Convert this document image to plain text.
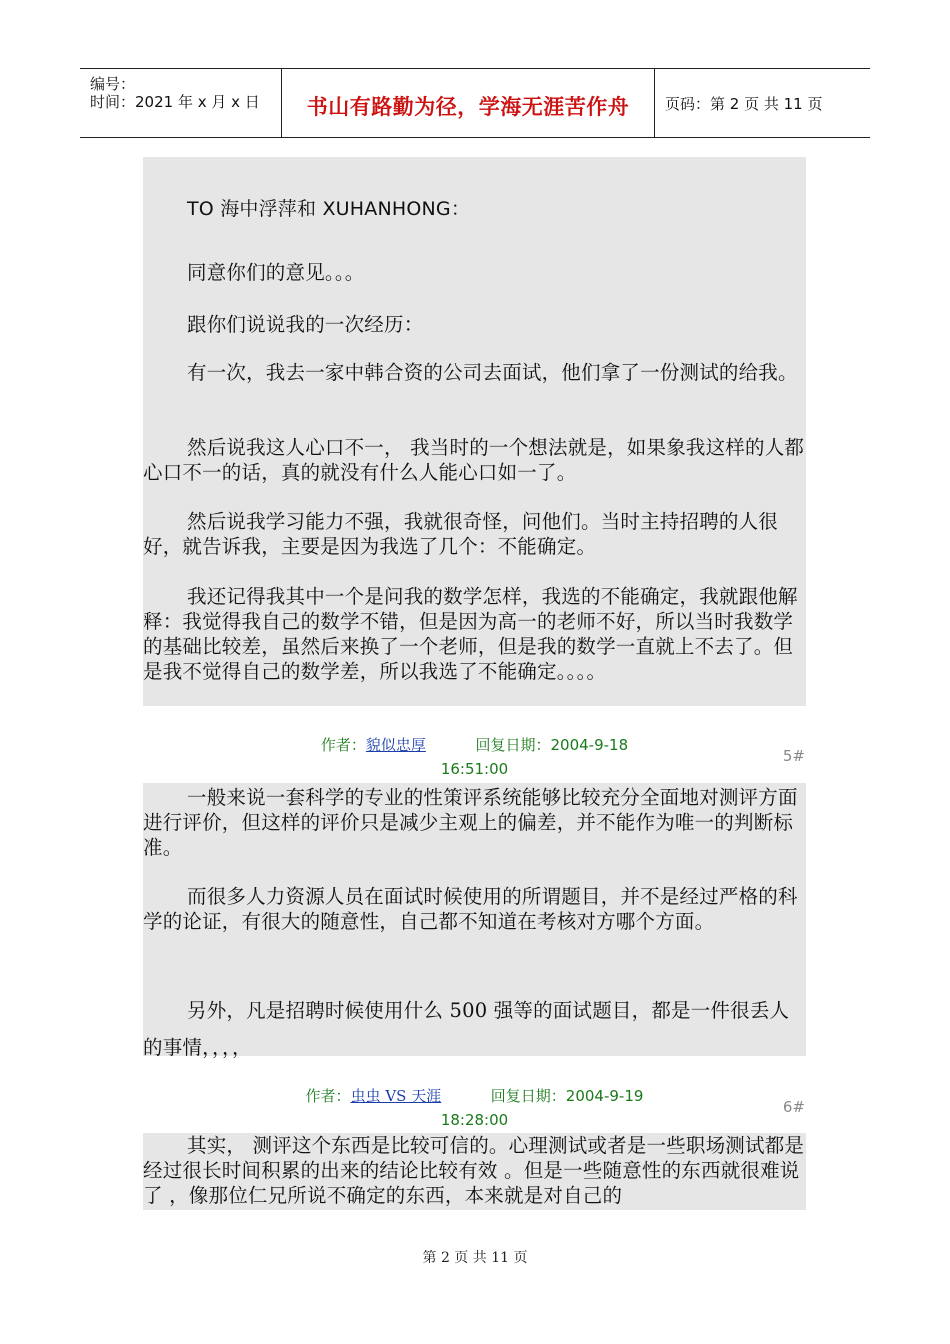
编号：
时间：2021 年 x 月 x 日	书山有路勤为径，学海无涯苦作舟	页码：第 2 页 共 11 页
TO 海中浮萍和 XUHANHONG：
同意你们的意见。。。
跟你们说说我的一次经历：
有一次，我去一家中韩合资的公司去面试，他们拿了一份测试的给我。
然后说我这人心口不一， 我当时的一个想法就是，如果象我这样的人都心口不一的话，真的就没有什么人能心口如一了。
然后说我学习能力不强，我就很奇怪，问他们。当时主持招聘的人很好，就告诉我，主要是因为我选了几个：不能确定。
我还记得我其中一个是问我的数学怎样，我选的不能确定，我就跟他解释：我觉得我自己的数学不错，但是因为高一的老师不好，所以当时我数学的基础比较差，虽然后来换了一个老师，但是我的数学一直就上不去了。但是我不觉得自己的数学差，所以我选了不能确定。。。。
作者：貌似忠厚	回复日期：2004-9-18
16:51:00
5#
一般来说一套科学的专业的性策评系统能够比较充分全面地对测评方面进行评价，但这样的评价只是减少主观上的偏差，并不能作为唯一的判断标准。
而很多人力资源人员在面试时候使用的所谓题目，并不是经过严格的科学的论证，有很大的随意性，自己都不知道在考核对方哪个方面。
另外，凡是招聘时候使用什么 500 强等的面试题目，都是一件很丢人的事情，，，，
作者：虫虫 VS 天涯	回复日期：2004-9-19
18:28:00
6#
其实， 测评这个东西是比较可信的。心理测试或者是一些职场测试都是经过很长时间积累的出来的结论比较有效 。但是一些随意性的东西就很难说了 ，像那位仁兄所说不确定的东西，本来就是对自己的
第 2 页 共 11 页
